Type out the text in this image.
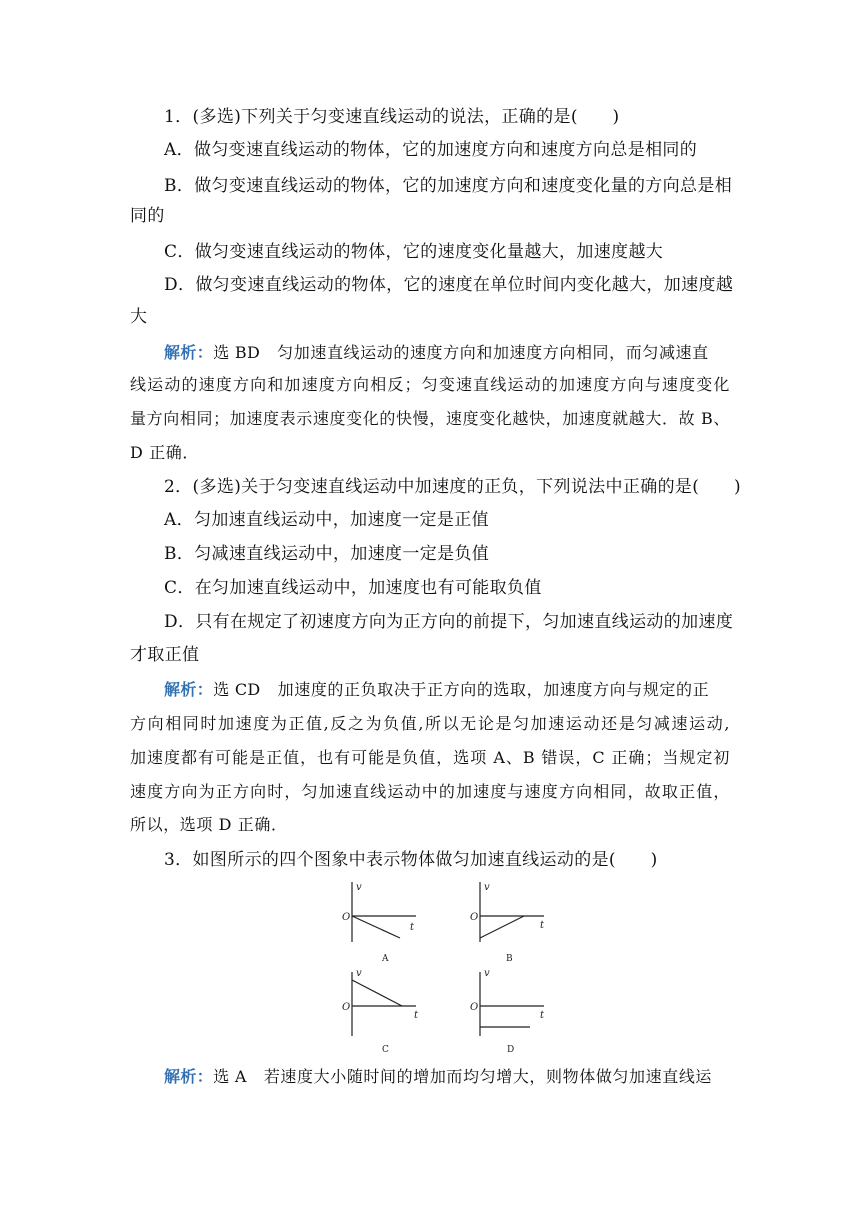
1．(多选)下列关于匀变速直线运动的说法，正确的是(　　)
A．做匀变速直线运动的物体，它的加速度方向和速度方向总是相同的
B．做匀变速直线运动的物体，它的加速度方向和速度变化量的方向总是相
同的
C．做匀变速直线运动的物体，它的速度变化量越大，加速度越大
D．做匀变速直线运动的物体，它的速度在单位时间内变化越大，加速度越
大
解析：选 BD 匀加速直线运动的速度方向和加速度方向相同，而匀减速直
线运动的速度方向和加速度方向相反；匀变速直线运动的加速度方向与速度变化
量方向相同；加速度表示速度变化的快慢，速度变化越快，加速度就越大．故 B、
D 正确．
2．(多选)关于匀变速直线运动中加速度的正负，下列说法中正确的是(　　)
A．匀加速直线运动中，加速度一定是正值
B．匀减速直线运动中，加速度一定是负值
C．在匀加速直线运动中，加速度也有可能取负值
D．只有在规定了初速度方向为正方向的前提下，匀加速直线运动的加速度
才取正值
解析：选 CD 加速度的正负取决于正方向的选取，加速度方向与规定的正
方向相同时加速度为正值,反之为负值,所以无论是匀加速运动还是匀减速运动,
加速度都有可能是正值，也有可能是负值，选项 A、B 错误，C 正确；当规定初
速度方向为正方向时，匀加速直线运动中的加速度与速度方向相同，故取正值，
所以，选项 D 正确．
3．如图所示的四个图象中表示物体做匀加速直线运动的是(　　)
v
O
t
A
v
O
t
B
v
O
t
C
v
O
t
D
解析：选 A 若速度大小随时间的增加而均匀增大，则物体做匀加速直线运
